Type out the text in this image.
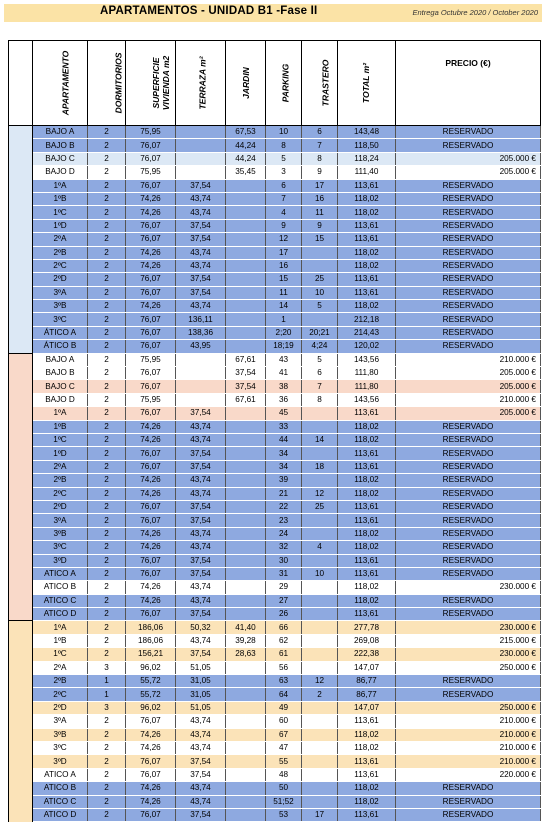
APARTAMENTOS - UNIDAD B1 -Fase II	Entrega Octubre 2020 / October 2020
	APARTAMENTO	DORMITORIOS	SUPERFICIE VIVIENDA m2	TERRAZA m²	JARDIN	PARKING	TRASTERO	TOTAL m²	PRECIO (€)
	BAJO A	2	75,95		67,53	10	6	143,48	RESERVADO
	BAJO B	2	76,07		44,24	8	7	118,50	RESERVADO
	BAJO C	2	76,07		44,24	5	8	118,24	205.000 €
	BAJO D	2	75,95		35,45	3	9	111,40	205.000 €
	1ºA	2	76,07	37,54		6	17	113,61	RESERVADO
	1ºB	2	74,26	43,74		7	16	118,02	RESERVADO
	1ºC	2	74,26	43,74		4	11	118,02	RESERVADO
	1ºD	2	76,07	37,54		9	9	113,61	RESERVADO
	2ºA	2	76,07	37,54		12	15	113,61	RESERVADO
	2ºB	2	74,26	43,74		17		118,02	RESERVADO
	2ºC	2	74,26	43,74		16		118,02	RESERVADO
	2ºD	2	76,07	37,54		15	25	113,61	RESERVADO
	3ºA	2	76,07	37,54		11	10	113,61	RESERVADO
	3ºB	2	74,26	43,74		14	5	118,02	RESERVADO
	3ºC	2	76,07	136,11		1		212,18	RESERVADO
	ÁTICO A	2	76,07	138,36		2;20	20;21	214,43	RESERVADO
	ÁTICO B	2	76,07	43,95		18;19	4;24	120,02	RESERVADO
	BAJO A	2	75,95		67,61	43	5	143,56	210.000 €
	BAJO B	2	76,07		37,54	41	6	111,80	205.000 €
	BAJO C	2	76,07		37,54	38	7	111,80	205.000 €
	BAJO D	2	75,95		67,61	36	8	143,56	210.000 €
	1ºA	2	76,07	37,54		45		113,61	205.000 €
	1ºB	2	74,26	43,74		33		118,02	RESERVADO
	1ºC	2	74,26	43,74		44	14	118,02	RESERVADO
	1ºD	2	76,07	37,54		34		113,61	RESERVADO
	2ºA	2	76,07	37,54		34	18	113,61	RESERVADO
	2ºB	2	74,26	43,74		39		118,02	RESERVADO
	2ºC	2	74,26	43,74		21	12	118,02	RESERVADO
	2ºD	2	76,07	37,54		22	25	113,61	RESERVADO
	3ºA	2	76,07	37,54		23		113,61	RESERVADO
	3ºB	2	74,26	43,74		24		118,02	RESERVADO
	3ºC	2	74,26	43,74		32	4	118,02	RESERVADO
	3ºD	2	76,07	37,54		30		113,61	RESERVADO
	ATICO A	2	76,07	37,54		31	10	113,61	RESERVADO
	ATICO B	2	74,26	43,74		29		118,02	230.000 €
	ATICO C	2	74,26	43,74		27		118,02	RESERVADO
	ATICO D	2	76,07	37,54		26		113,61	RESERVADO
	1ºA	2	186,06	50,32	41,40	66		277,78	230.000 €
	1ºB	2	186,06	43,74	39,28	62		269,08	215.000 €
	1ºC	2	156,21	37,54	28,63	61		222,38	230.000 €
	2ºA	3	96,02	51,05		56		147,07	250.000 €
	2ºB	1	55,72	31,05		63	12	86,77	RESERVADO
	2ºC	1	55,72	31,05		64	2	86,77	RESERVADO
	2ºD	3	96,02	51,05		49		147,07	250.000 €
	3ºA	2	76,07	43,74		60		113,61	210.000 €
	3ºB	2	74,26	43,74		67		118,02	210.000 €
	3ºC	2	74,26	43,74		47		118,02	210.000 €
	3ºD	2	76,07	37,54		55		113,61	210.000 €
	ATICO A	2	76,07	37,54		48		113,61	220.000 €
	ATICO B	2	74,26	43,74		50		118,02	RESERVADO
	ATICO C	2	74,26	43,74		51;52		118,02	RESERVADO
	ATICO D	2	76,07	37,54		53	17	113,61	RESERVADO
